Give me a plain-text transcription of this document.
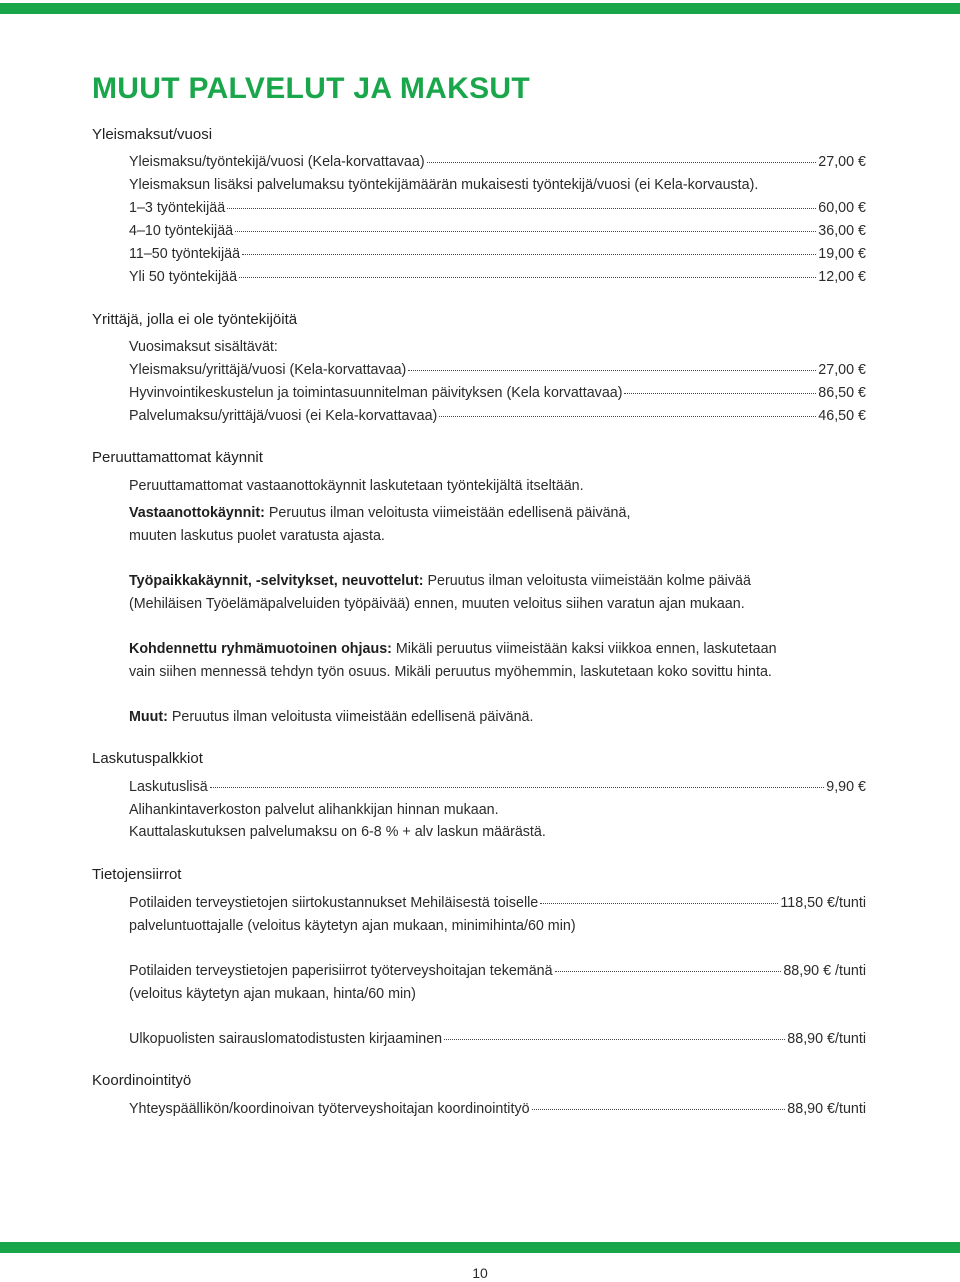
MUUT PALVELUT JA MAKSUT
Yleismaksut/vuosi
Yleismaksu/työntekijä/vuosi (Kela-korvattavaa)	27,00 €
Yleismaksun lisäksi palvelumaksu työntekijämäärän mukaisesti työntekijä/vuosi (ei Kela-korvausta).
1–3 työntekijää	60,00 €
4–10 työntekijää	36,00 €
11–50 työntekijää	19,00 €
Yli 50 työntekijää	12,00 €
Yrittäjä, jolla ei ole työntekijöitä
Vuosimaksut sisältävät:
Yleismaksu/yrittäjä/vuosi (Kela-korvattavaa)	27,00 €
Hyvinvointikeskustelun ja toimintasuunnitelman päivityksen (Kela korvattavaa)	86,50 €
Palvelumaksu/yrittäjä/vuosi (ei Kela-korvattavaa)	46,50 €
Peruuttamattomat käynnit
Peruuttamattomat vastaanottokäynnit laskutetaan työntekijältä itseltään.
Vastaanottokäynnit: Peruutus ilman veloitusta viimeistään edellisenä päivänä,
muuten laskutus puolet varatusta ajasta.
Työpaikkakäynnit, -selvitykset, neuvottelut: Peruutus ilman veloitusta viimeistään kolme päivää
(Mehiläisen Työelämäpalveluiden työpäivää) ennen, muuten veloitus siihen varatun ajan mukaan.
Kohdennettu ryhmämuotoinen ohjaus: Mikäli peruutus viimeistään kaksi viikkoa ennen, laskutetaan
vain siihen mennessä tehdyn työn osuus. Mikäli peruutus myöhemmin, laskutetaan koko sovittu hinta.
Muut: Peruutus ilman veloitusta viimeistään edellisenä päivänä.
Laskutuspalkkiot
Laskutuslisä	9,90 €
Alihankintaverkoston palvelut alihankkijan hinnan mukaan.
Kauttalaskutuksen palvelumaksu on 6-8 % + alv laskun määrästä.
Tietojensiirrot
Potilaiden terveystietojen siirtokustannukset Mehiläisestä toiselle	118,50 €/tunti
palveluntuottajalle (veloitus käytetyn ajan mukaan, minimihinta/60 min)
Potilaiden terveystietojen paperisiirrot työterveyshoitajan tekemänä	88,90 € /tunti
(veloitus käytetyn ajan mukaan, hinta/60 min)
Ulkopuolisten sairauslomatodistusten kirjaaminen	88,90 €/tunti
Koordinointityö
Yhteyspäällikön/koordinoivan työterveyshoitajan koordinointityö	88,90 €/tunti
10
